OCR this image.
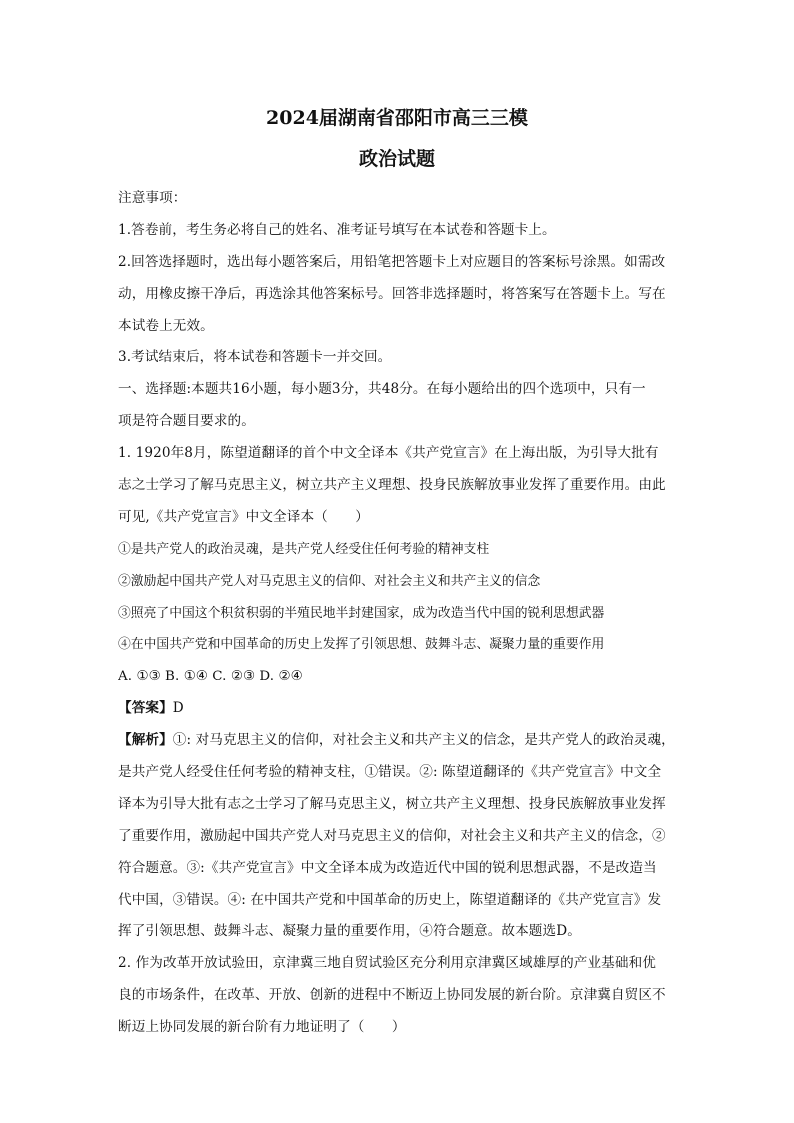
2024届湖南省邵阳市高三三模
政治试题
注意事项：
1.答卷前，考生务必将自己的姓名、准考证号填写在本试卷和答题卡上。
2.回答选择题时，选出每小题答案后，用铅笔把答题卡上对应题目的答案标号涂黑。如需改
动，用橡皮擦干净后，再选涂其他答案标号。回答非选择题时，将答案写在答题卡上。写在
本试卷上无效。
3.考试结束后，将本试卷和答题卡一并交回。
一、选择题:本题共16小题，每小题3分，共48分。在每小题给出的四个选项中，只有一
项是符合题目要求的。
1. 1920年8月，陈望道翻译的首个中文全译本《共产党宣言》在上海出版，为引导大批有
志之士学习了解马克思主义，树立共产主义理想、投身民族解放事业发挥了重要作用。由此
可见,《共产党宣言》中文全译本（　　）
①是共产党人的政治灵魂，是共产党人经受住任何考验的精神支柱
②激励起中国共产党人对马克思主义的信仰、对社会主义和共产主义的信念
③照亮了中国这个积贫积弱的半殖民地半封建国家，成为改造当代中国的锐利思想武器
④在中国共产党和中国革命的历史上发挥了引领思想、鼓舞斗志、凝聚力量的重要作用
A. ①③ B. ①④ C. ②③ D. ②④
【答案】D
【解析】①: 对马克思主义的信仰，对社会主义和共产主义的信念，是共产党人的政治灵魂，
是共产党人经受住任何考验的精神支柱，①错误。②: 陈望道翻译的《共产党宣言》中文全
译本为引导大批有志之士学习了解马克思主义，树立共产主义理想、投身民族解放事业发挥
了重要作用，激励起中国共产党人对马克思主义的信仰，对社会主义和共产主义的信念，②
符合题意。③:《共产党宣言》中文全译本成为改造近代中国的锐利思想武器，不是改造当
代中国，③错误。④: 在中国共产党和中国革命的历史上，陈望道翻译的《共产党宣言》发
挥了引领思想、鼓舞斗志、凝聚力量的重要作用，④符合题意。故本题选D。
2. 作为改革开放试验田，京津冀三地自贸试验区充分利用京津冀区域雄厚的产业基础和优
良的市场条件，在改革、开放、创新的进程中不断迈上协同发展的新台阶。京津冀自贸区不
断迈上协同发展的新台阶有力地证明了（　　）
